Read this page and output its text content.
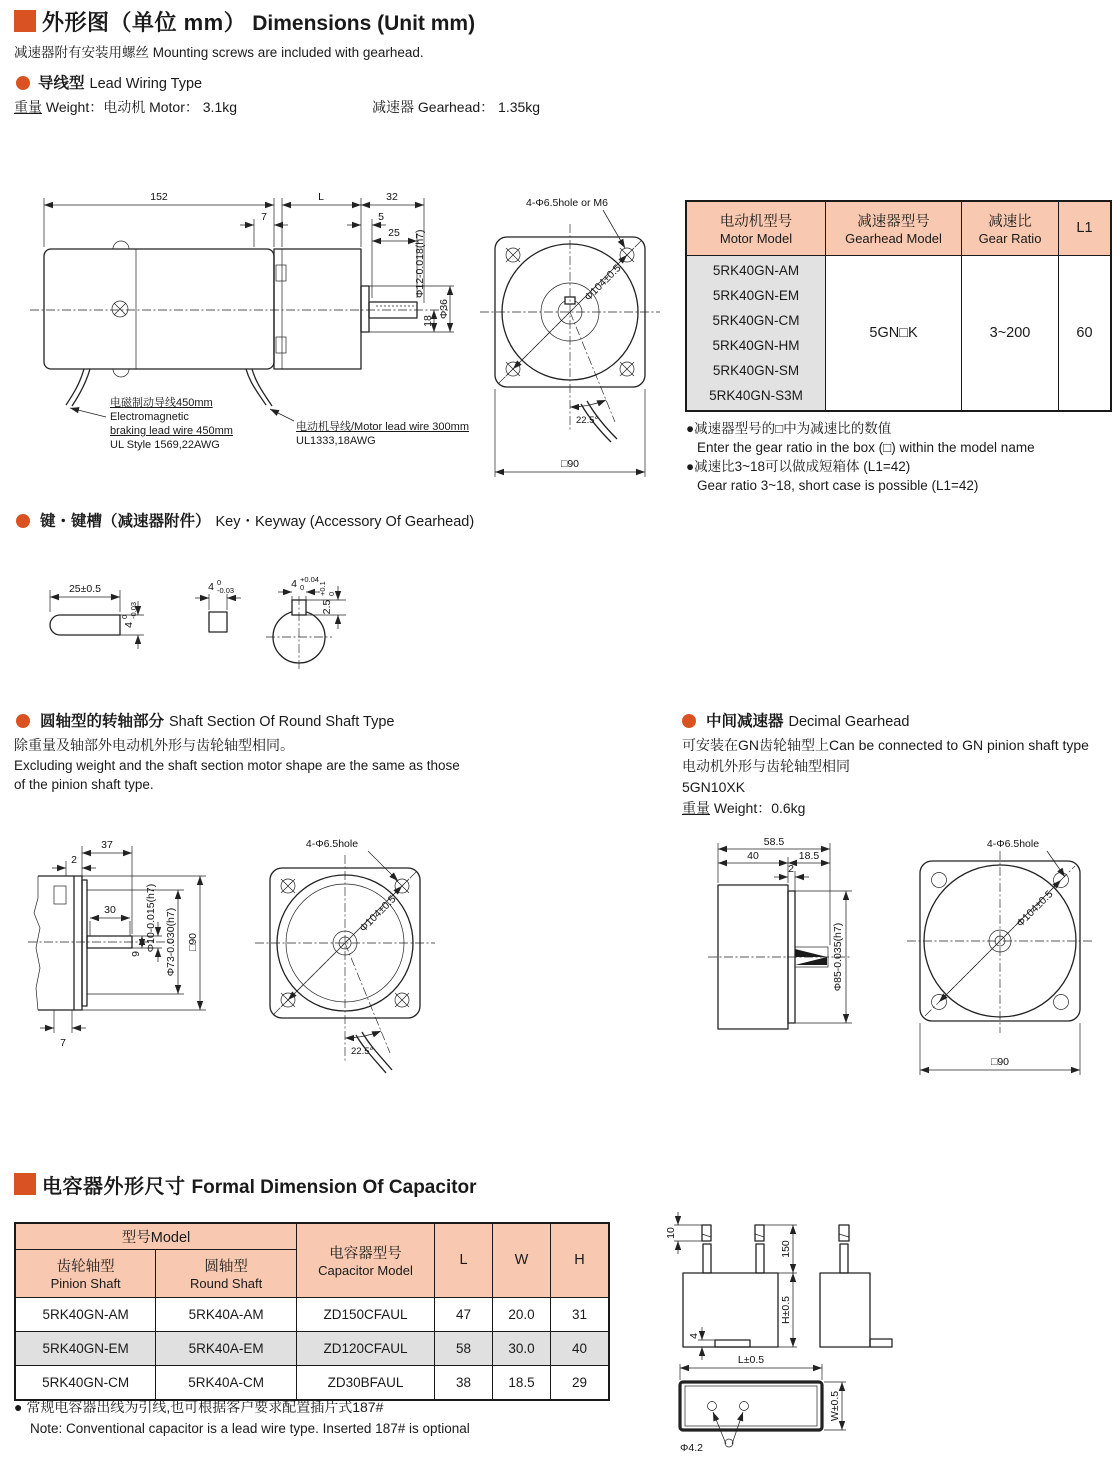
外形图（单位 mm） Dimensions (Unit mm)
减速器附有安装用螺丝 Mounting screws are included with gearhead.
导线型 Lead Wiring Type
重量 Weight：电动机 Motor： 3.1kg	减速器 Gearhead： 1.35kg
152	L	32
7	5
25 Φ12-0.018(h7)
18
Φ36
电磁制动导线450mm
Electromagnetic
braking lead wire 450mm
UL Style 1569,22AWG
电动机导线/Motor lead wire 300mm
UL1333,18AWG
4-Φ6.5hole or M6
Φ104±0.5
22.5°
□90
电动机型号
Motor Model	减速器型号
Gearhead Model	减速比
Gear Ratio	L1

5RK40GN-AM
5RK40GN-EM
5RK40GN-CM
5RK40GN-HM
5RK40GN-SM
5RK40GN-S3M
	5GN□K	3~200	60
●减速器型号的□中为减速比的数值
Enter the gear ratio in the box (□) within the model name
●减速比3~18可以做成短箱体 (L1=42)
Gear ratio 3~18, short case is possible (L1=42)
键・键槽（减速器附件） Key・Keyway (Accessory Of Gearhead)
25±0.5
4
0 -0.03
4 0
-0.03
4 +0.04
0
2.5
+0.1 0
圆轴型的转轴部分 Shaft Section Of Round Shaft Type
除重量及轴部外电动机外形与齿轮轴型相同。
Excluding weight and the shaft section motor shape are the same as those
of the pinion shaft type.
中间减速器 Decimal Gearhead
可安装在GN齿轮轴型上Can be connected to GN pinion shaft type
电动机外形与齿轮轴型相同
5GN10XK
重量 Weight：0.6kg
37
2
30
9
Φ10-0.015(h7) Φ73-0.030(h7) □90
7
4-Φ6.5hole
Φ104±0.5
22.5°
58.5
40	18.5
2
Φ85-0.035(h7)
4-Φ6.5hole
Φ104±0.5
□90
电容器外形尺寸 Formal Dimension Of Capacitor
型号Model		电容器型号
Capacitor Model	L	W	H

齿轮轴型
Pinion Shaft	圆轴型
Round Shaft				

5RK40GN-AM	5RK40A-AM	ZD150CFAUL	47	20.0	31
5RK40GN-EM	5RK40A-EM	ZD120CFAUL	58	30.0	40
5RK40GN-CM	5RK40A-CM	ZD30BFAUL	38	18.5	29
● 常规电容器出线为引线,也可根据客户要求配置插片式187#
Note: Conventional capacitor is a lead wire type. Inserted 187# is optional
10
150
H±0.5
4
L±0.5
W±0.5
Φ4.2
